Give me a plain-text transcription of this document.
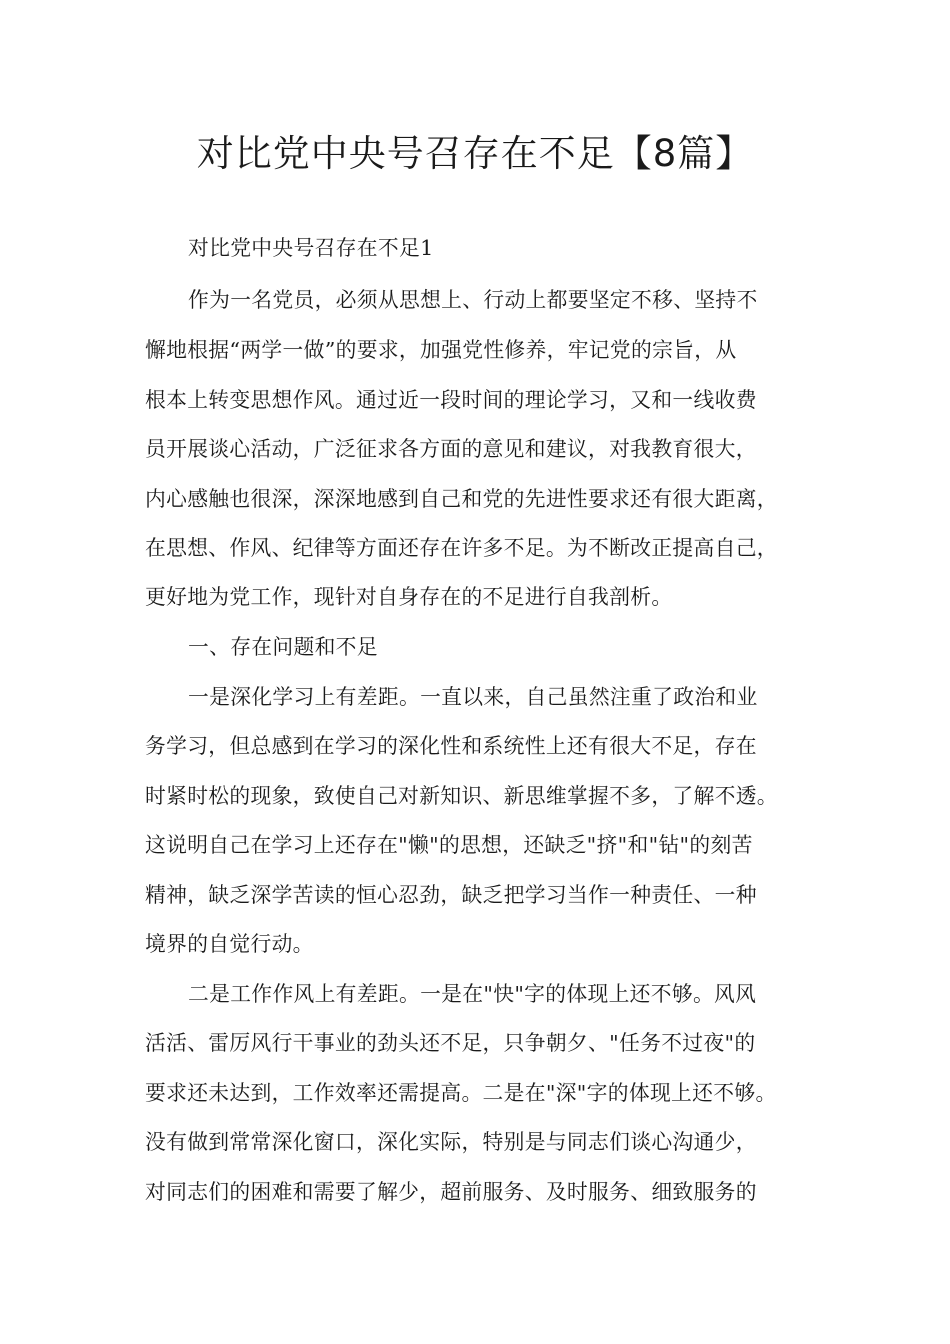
对比党中央号召存在不足【8篇】
对比党中央号召存在不足1
作为一名党员，必须从思想上、行动上都要坚定不移、坚持不
懈地根据“两学一做”的要求，加强党性修养，牢记党的宗旨，从
根本上转变思想作风。通过近一段时间的理论学习，又和一线收费
员开展谈心活动，广泛征求各方面的意见和建议，对我教育很大，
内心感触也很深，深深地感到自己和党的先进性要求还有很大距离，
在思想、作风、纪律等方面还存在许多不足。为不断改正提高自己，
更好地为党工作，现针对自身存在的不足进行自我剖析。
一、存在问题和不足
一是深化学习上有差距。一直以来，自己虽然注重了政治和业
务学习，但总感到在学习的深化性和系统性上还有很大不足，存在
时紧时松的现象，致使自己对新知识、新思维掌握不多，了解不透。
这说明自己在学习上还存在"懒"的思想，还缺乏"挤"和"钻"的刻苦
精神，缺乏深学苦读的恒心忍劲，缺乏把学习当作一种责任、一种
境界的自觉行动。
二是工作作风上有差距。一是在"快"字的体现上还不够。风风
活活、雷厉风行干事业的劲头还不足，只争朝夕、"任务不过夜"的
要求还未达到，工作效率还需提高。二是在"深"字的体现上还不够。
没有做到常常深化窗口，深化实际，特别是与同志们谈心沟通少，
对同志们的困难和需要了解少，超前服务、及时服务、细致服务的
